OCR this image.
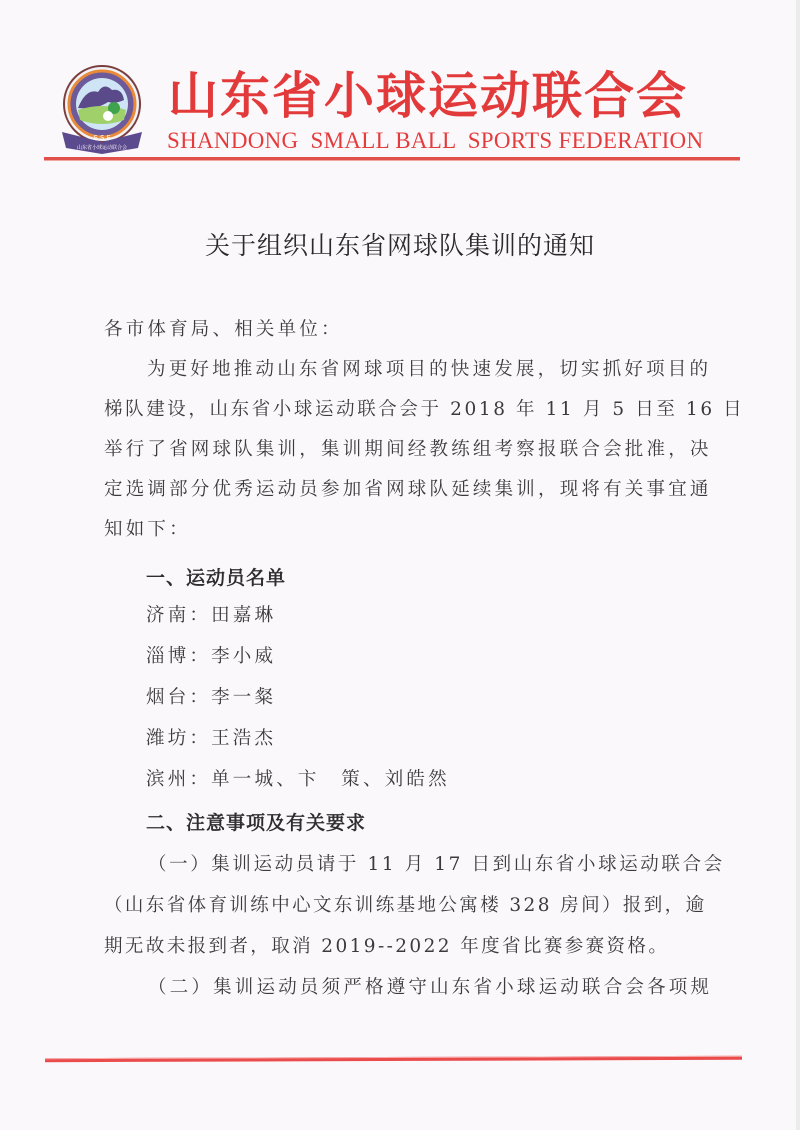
S S F
山东省小球运动联合会
山东省小球运动联合会
SHANDONG  SMALL BALL  SPORTS FEDERATION
关于组织山东省网球队集训的通知
各市体育局、相关单位：
为更好地推动山东省网球项目的快速发展，切实抓好项目的
梯队建设，山东省小球运动联合会于 2018 年 11 月 5 日至 16 日
举行了省网球队集训，集训期间经教练组考察报联合会批准，决
定选调部分优秀运动员参加省网球队延续集训，现将有关事宜通
知如下：
一、运动员名单
济南：田嘉琳
淄博：李小威
烟台：李一粲
潍坊：王浩杰
滨州：单一城、卞　策、刘皓然
二、注意事项及有关要求
（一）集训运动员请于 11 月 17 日到山东省小球运动联合会
（山东省体育训练中心文东训练基地公寓楼 328 房间）报到，逾
期无故未报到者，取消 2019--2022 年度省比赛参赛资格。
（二）集训运动员须严格遵守山东省小球运动联合会各项规
